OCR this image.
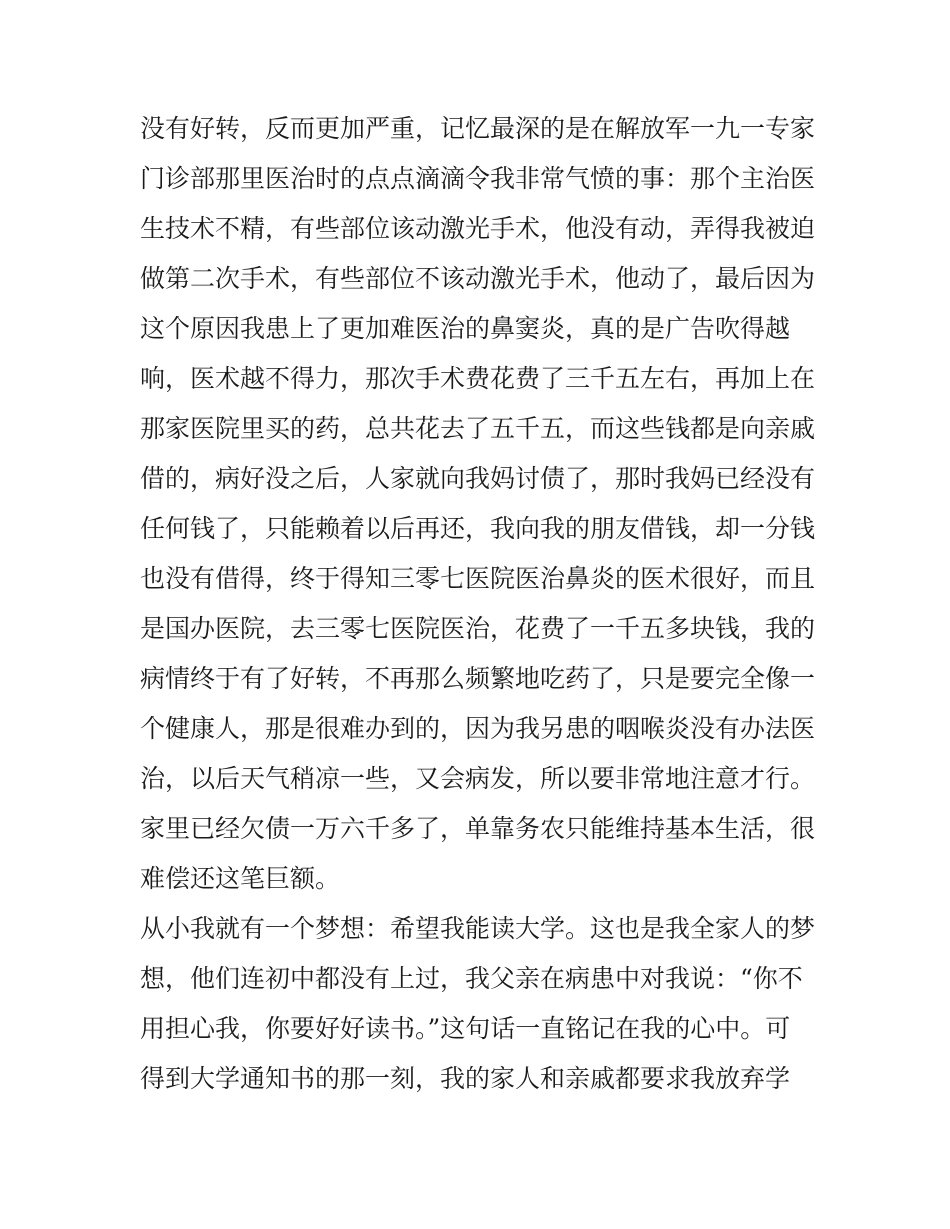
没有好转，反而更加严重，记忆最深的是在解放军一九一专家
门诊部那里医治时的点点滴滴令我非常气愤的事：那个主治医
生技术不精，有些部位该动激光手术，他没有动，弄得我被迫
做第二次手术，有些部位不该动激光手术，他动了，最后因为
这个原因我患上了更加难医治的鼻窦炎，真的是广告吹得越
响，医术越不得力，那次手术费花费了三千五左右，再加上在
那家医院里买的药，总共花去了五千五，而这些钱都是向亲戚
借的，病好没之后，人家就向我妈讨债了，那时我妈已经没有
任何钱了，只能赖着以后再还，我向我的朋友借钱，却一分钱
也没有借得，终于得知三零七医院医治鼻炎的医术很好，而且
是国办医院，去三零七医院医治，花费了一千五多块钱，我的
病情终于有了好转，不再那么频繁地吃药了，只是要完全像一
个健康人，那是很难办到的，因为我另患的咽喉炎没有办法医
治，以后天气稍凉一些，又会病发，所以要非常地注意才行。
家里已经欠债一万六千多了，单靠务农只能维持基本生活，很
难偿还这笔巨额。
从小我就有一个梦想：希望我能读大学。这也是我全家人的梦
想，他们连初中都没有上过，我父亲在病患中对我说：“你不
用担心我，你要好好读书。”这句话一直铭记在我的心中。可
得到大学通知书的那一刻，我的家人和亲戚都要求我放弃学
